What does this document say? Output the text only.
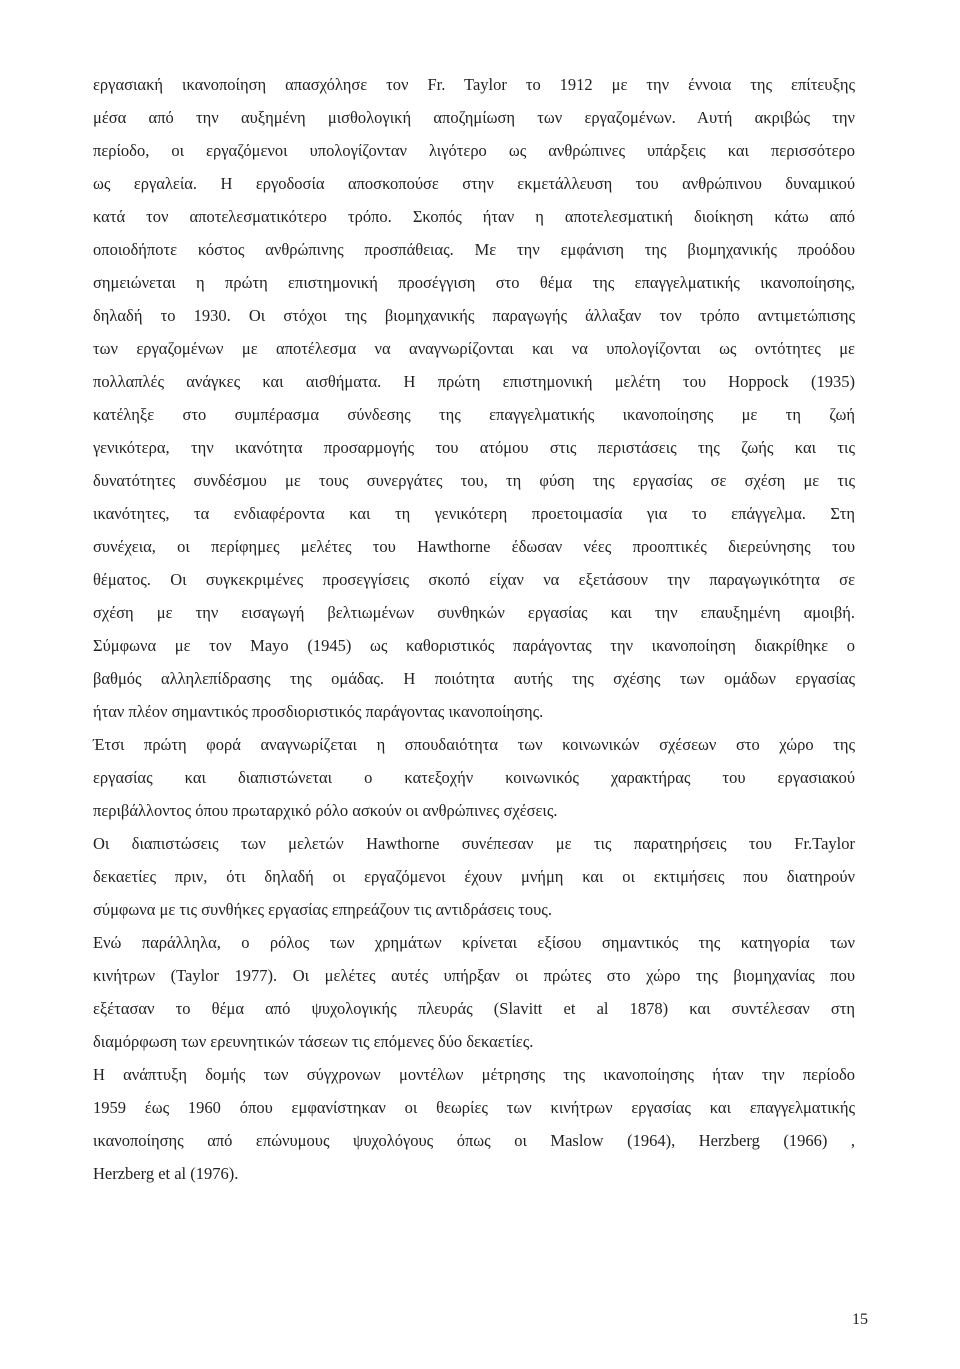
εργασιακή ικανοποίηση απασχόλησε τον Fr. Taylor το 1912 με την έννοια της επίτευξης
μέσα από την αυξημένη μισθολογική αποζημίωση των εργαζομένων. Αυτή ακριβώς την
περίοδο, οι εργαζόμενοι υπολογίζονταν λιγότερο ως ανθρώπινες υπάρξεις και περισσότερο
ως εργαλεία. Η εργοδοσία αποσκοπούσε στην εκμετάλλευση του ανθρώπινου δυναμικού
κατά τον αποτελεσματικότερο τρόπο. Σκοπός ήταν η αποτελεσματική διοίκηση κάτω από
οποιοδήποτε κόστος ανθρώπινης προσπάθειας. Με την εμφάνιση της βιομηχανικής προόδου
σημειώνεται η πρώτη επιστημονική προσέγγιση στο θέμα της επαγγελματικής ικανοποίησης,
δηλαδή το 1930. Οι στόχοι της βιομηχανικής παραγωγής άλλαξαν τον τρόπο αντιμετώπισης
των εργαζομένων με αποτέλεσμα να αναγνωρίζονται και να υπολογίζονται ως οντότητες με
πολλαπλές ανάγκες και αισθήματα. Η πρώτη επιστημονική μελέτη του Hoppock (1935)
κατέληξε στο συμπέρασμα σύνδεσης της επαγγελματικής ικανοποίησης με τη ζωή
γενικότερα, την ικανότητα προσαρμογής του ατόμου στις περιστάσεις της ζωής και τις
δυνατότητες συνδέσμου με τους συνεργάτες του, τη φύση της εργασίας σε σχέση με τις
ικανότητες, τα ενδιαφέροντα και τη γενικότερη προετοιμασία για το επάγγελμα. Στη
συνέχεια, οι περίφημες μελέτες του Hawthorne έδωσαν νέες προοπτικές διερεύνησης του
θέματος. Οι συγκεκριμένες προσεγγίσεις σκοπό είχαν να εξετάσουν την παραγωγικότητα σε
σχέση με την εισαγωγή βελτιωμένων συνθηκών εργασίας και την επαυξημένη αμοιβή.
Σύμφωνα με τον Mayo (1945) ως καθοριστικός παράγοντας την ικανοποίηση διακρίθηκε ο
βαθμός αλληλεπίδρασης της ομάδας. Η ποιότητα αυτής της σχέσης των ομάδων εργασίας
ήταν πλέον σημαντικός προσδιοριστικός παράγοντας ικανοποίησης.
Έτσι πρώτη φορά αναγνωρίζεται η σπουδαιότητα των κοινωνικών σχέσεων στο χώρο της
εργασίας και διαπιστώνεται ο κατεξοχήν κοινωνικός χαρακτήρας του εργασιακού
περιβάλλοντος όπου πρωταρχικό ρόλο ασκούν οι ανθρώπινες σχέσεις.
Οι διαπιστώσεις των μελετών Hawthorne συνέπεσαν με τις παρατηρήσεις του Fr.Taylor
δεκαετίες πριν, ότι δηλαδή οι εργαζόμενοι έχουν μνήμη και οι εκτιμήσεις που διατηρούν
σύμφωνα με τις συνθήκες εργασίας επηρεάζουν τις αντιδράσεις τους.
Ενώ παράλληλα, ο ρόλος των χρημάτων κρίνεται εξίσου σημαντικός της κατηγορία των
κινήτρων (Taylor 1977). Οι μελέτες αυτές υπήρξαν οι πρώτες στο χώρο της βιομηχανίας που
εξέτασαν το θέμα από ψυχολογικής πλευράς (Slavitt et al 1878) και συντέλεσαν στη
διαμόρφωση των ερευνητικών τάσεων τις επόμενες δύο δεκαετίες.
Η ανάπτυξη δομής των σύγχρονων μοντέλων μέτρησης της ικανοποίησης ήταν την περίοδο
1959 έως 1960 όπου εμφανίστηκαν οι θεωρίες των κινήτρων εργασίας και επαγγελματικής
ικανοποίησης από επώνυμους ψυχολόγους όπως οι Maslow (1964), Herzberg (1966) ,
Herzberg et al (1976).
15
